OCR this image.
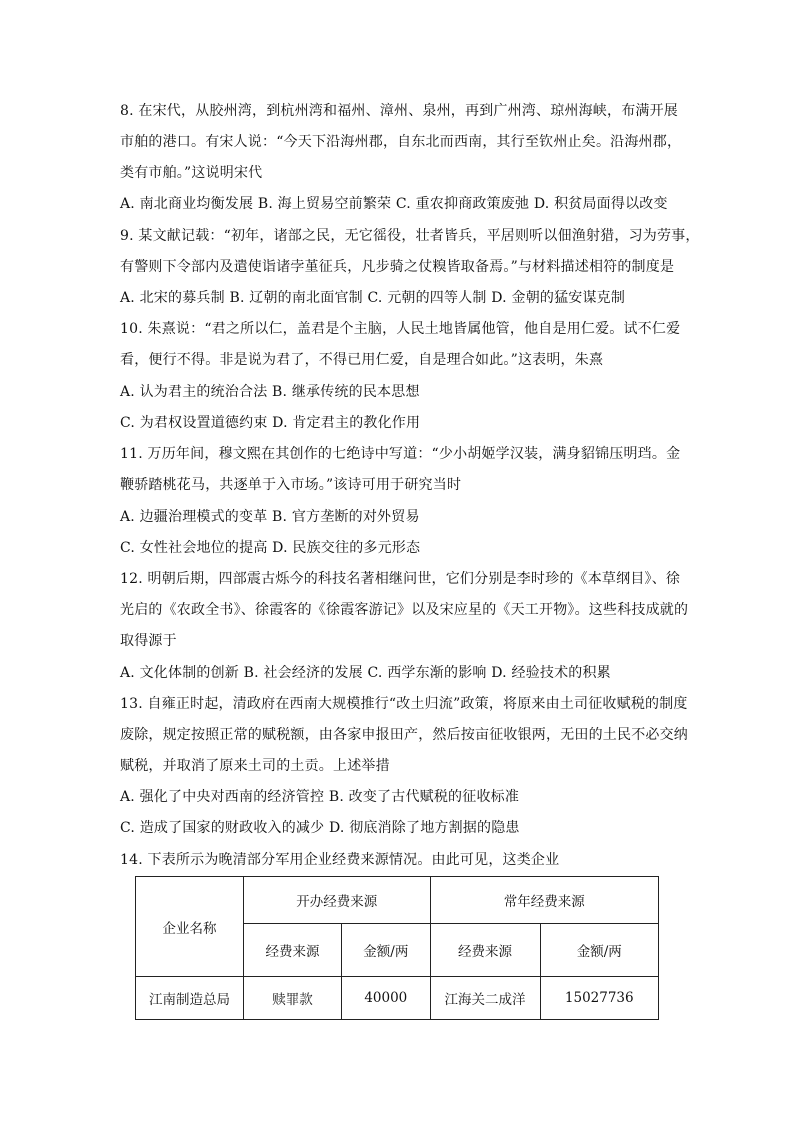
8. 在宋代，从胶州湾，到杭州湾和福州、漳州、泉州，再到广州湾、琼州海峡，布满开展
市舶的港口。有宋人说：“今天下沿海州郡，自东北而西南，其行至钦州止矣。沿海州郡，
类有市舶。”这说明宋代
A. 南北商业均衡发展 B. 海上贸易空前繁荣 C. 重农抑商政策废弛 D. 积贫局面得以改变
9. 某文献记载：“初年，诸部之民，无它徭役，壮者皆兵，平居则听以佃渔射猎，习为劳事，
有警则下令部内及遣使诣诸孛堇征兵，凡步骑之仗糗皆取备焉。”与材料描述相符的制度是
A. 北宋的募兵制 B. 辽朝的南北面官制 C. 元朝的四等人制 D. 金朝的猛安谋克制
10. 朱熹说：“君之所以仁，盖君是个主脑，人民土地皆属他管，他自是用仁爱。试不仁爱
看，便行不得。非是说为君了，不得已用仁爱，自是理合如此。”这表明，朱熹
A. 认为君主的统治合法 B. 继承传统的民本思想
C. 为君权设置道德约束 D. 肯定君主的教化作用
11. 万历年间，穆文熙在其创作的七绝诗中写道：“少小胡姬学汉装，满身貂锦压明珰。金
鞭骄踏桃花马，共逐单于入市场。”该诗可用于研究当时
A. 边疆治理模式的变革 B. 官方垄断的对外贸易
C. 女性社会地位的提高 D. 民族交往的多元形态
12. 明朝后期，四部震古烁今的科技名著相继问世，它们分别是李时珍的《本草纲目》、徐
光启的《农政全书》、徐霞客的《徐霞客游记》以及宋应星的《天工开物》。这些科技成就的
取得源于
A. 文化体制的创新 B. 社会经济的发展 C. 西学东渐的影响 D. 经验技术的积累
13. 自雍正时起，清政府在西南大规模推行“改土归流”政策，将原来由土司征收赋税的制度
废除，规定按照正常的赋税额，由各家申报田产，然后按亩征收银两，无田的土民不必交纳
赋税，并取消了原来土司的土贡。上述举措
A. 强化了中央对西南的经济管控 B. 改变了古代赋税的征收标准
C. 造成了国家的财政收入的减少 D. 彻底消除了地方割据的隐患
14. 下表所示为晚清部分军用企业经费来源情况。由此可见，这类企业
企业名称	开办经费来源		常年经费来源	
	经费来源	金额/两	经费来源	金额/两
江南制造总局	赎罪款	40000	江海关二成洋	15027736
